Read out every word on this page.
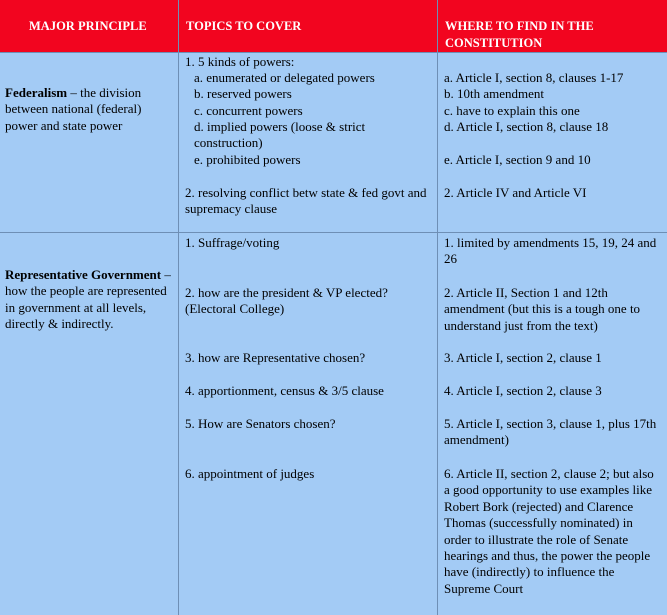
MAJOR PRINCIPLE	TOPICS TO COVER	WHERE TO FIND IN THE CONSTITUTION
Federalism – the division between national (federal) power and state power
1. 5 kinds of powers:
a. enumerated or delegated powers
b. reserved powers
c. concurrent powers
d. implied powers (loose & strict construction)
e. prohibited powers
2. resolving conflict betw state & fed govt and supremacy clause
a. Article I, section 8, clauses 1-17
b. 10th amendment
c. have to explain this one
d. Article I, section 8, clause 18
e. Article I, section 9 and 10
2. Article IV and Article VI
Representative Government – how the people are represented in government at all levels, directly & indirectly.
1. Suffrage/voting
2. how are the president & VP elected? (Electoral College)
3. how are Representative chosen?
4. apportionment, census & 3/5 clause
5. How are Senators chosen?
6. appointment of judges
1. limited by amendments 15, 19, 24 and 26
2. Article II, Section 1 and 12th amendment (but this is a tough one to understand just from the text)
3. Article I, section 2, clause 1
4. Article I, section 2, clause 3
5. Article I, section 3, clause 1, plus 17th amendment)
6. Article II, section 2, clause 2; but also a good opportunity to use examples like Robert Bork (rejected) and Clarence Thomas (successfully nominated) in order to illustrate the role of Senate hearings and thus, the power the people have (indirectly) to influence the Supreme Court
